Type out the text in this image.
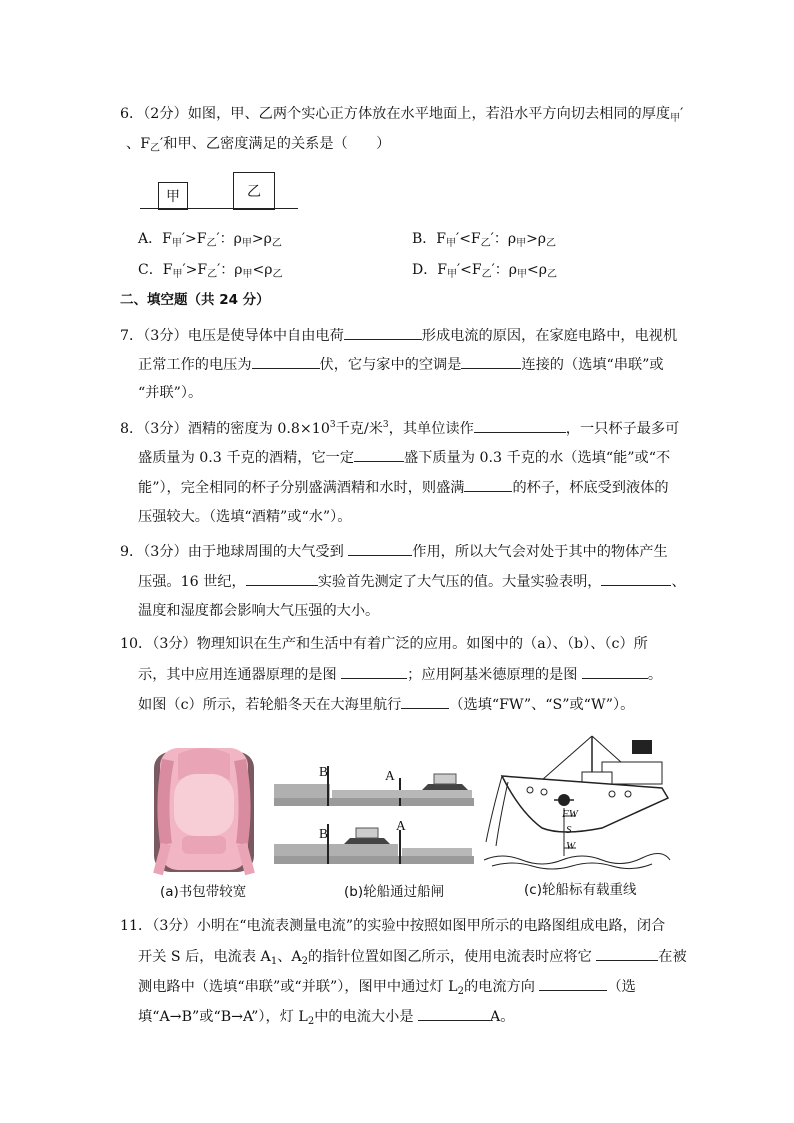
6．（2分）如图，甲、乙两个实心正方体放在水平地面上，若沿水平方向切去相同的厚度$_甲$′
、$F_乙'$和甲、乙密度满足的关系是（　　）
甲	乙
A．$F_甲'>F_乙'$：$\rho_甲>\rho_乙$	B．$F_甲'<F_乙'$：$\rho_甲>\rho_乙$
C．$F_甲'>F_乙'$：$\rho_甲<\rho_乙$	D．$F_甲'<F_乙'$：$\rho_甲<\rho_乙$
二、填空题（共 24 分）
7．（3分）电压是使导体中自由电荷	形成电流的原因，在家庭电路中，电视机
正常工作的电压为	伏，它与家中的空调是	连接的（选填“串联”或
“并联”）。
8．（3分）酒精的密度为 $0.8\times 10^3$千克/米$^3$，其单位读作	，一只杯子最多可
盛质量为 0.3 千克的酒精，它一定	盛下质量为 0.3 千克的水（选填“能”或“不
能”），完全相同的杯子分别盛满酒精和水时，则盛满	的杯子，杯底受到液体的
压强较大。（选填“酒精”或“水”）。
9．（3分）由于地球周围的大气受到	作用，所以大气会对处于其中的物体产生
压强。16 世纪，	实验首先测定了大气压的值。大量实验表明，	、
温度和湿度都会影响大气压强的大小。
10．（3分）物理知识在生产和生活中有着广泛的应用。如图中的（a）、（b）、（c）所
示，其中应用连通器原理的是图	；应用阿基米德原理的是图	。
如图（c）所示，若轮船冬天在大海里航行	（选填“FW”、“S”或“W”）。
B	A
B
A
FW
S
W
(a)书包带较宽	(b)轮船通过船闸	(c)轮船标有载重线
11．（3分）小明在“电流表测量电流”的实验中按照如图甲所示的电路图组成电路，闭合
开关 S 后，电流表 $A_1$、$A_2$的指针位置如图乙所示，使用电流表时应将它	在被
测电路中（选填“串联”或“并联”），图甲中通过灯 $L_2$的电流方向	（选
填“A→B”或“B→A”），灯 $L_2$中的电流大小是	A。
